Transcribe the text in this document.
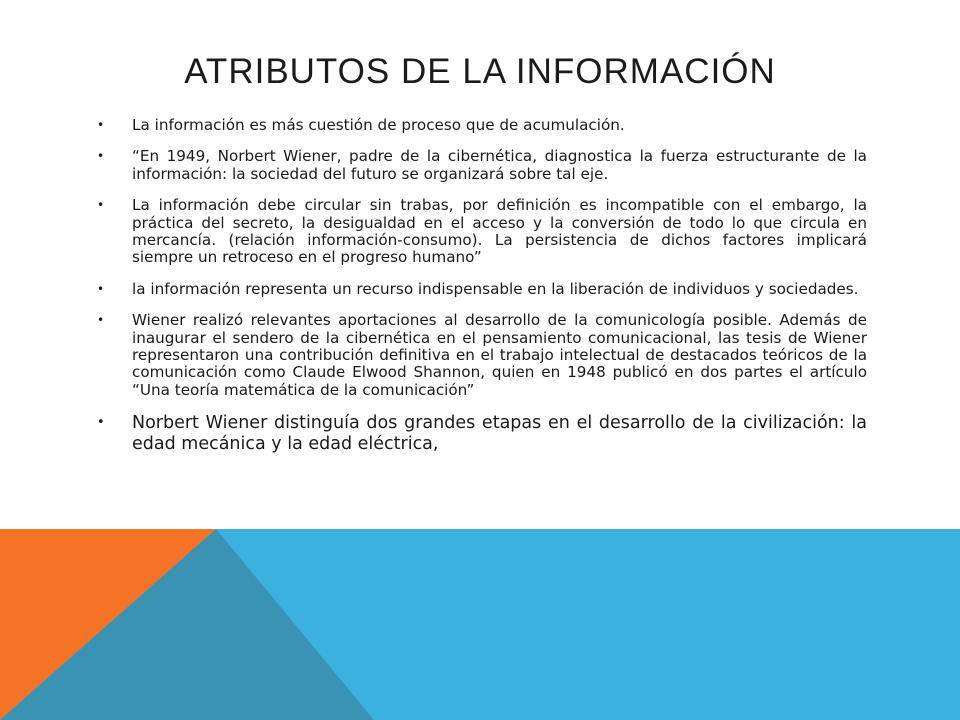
ATRIBUTOS DE LA INFORMACIÓN
• La información es más cuestión de proceso que de acumulación.
• “En 1949, Norbert Wiener, padre de la cibernética, diagnostica la fuerza estructurante de la información: la sociedad del futuro se organizará sobre tal eje.
• La información debe circular sin trabas, por definición es incompatible con el embargo, la práctica del secreto, la desigualdad en el acceso y la conversión de todo lo que circula en mercancía. (relación información-consumo). La persistencia de dichos factores implicará siempre un retroceso en el progreso humano”
• la información representa un recurso indispensable en la liberación de individuos y sociedades.
• Wiener realizó relevantes aportaciones al desarrollo de la comunicología posible. Además de inaugurar el sendero de la cibernética en el pensamiento comunicacional, las tesis de Wiener representaron una contribución definitiva en el trabajo intelectual de destacados teóricos de la comunicación como Claude Elwood Shannon, quien en 1948 publicó en dos partes el artículo “Una teoría matemática de la comunicación”
• Norbert Wiener distinguía dos grandes etapas en el desarrollo de la civilización: la edad mecánica y la edad eléctrica,
